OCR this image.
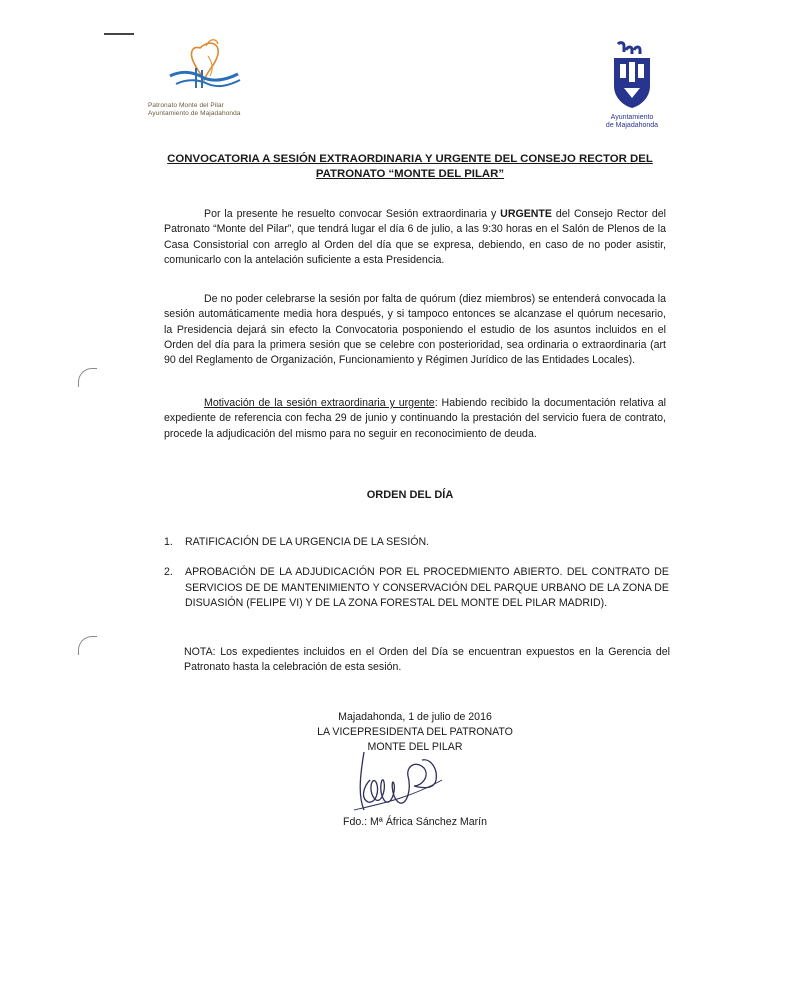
Patronato Monte del Pilar
Ayuntamiento de Majadahonda
Ayuntamiento
de Majadahonda
CONVOCATORIA A SESIÓN EXTRAORDINARIA Y URGENTE DEL CONSEJO RECTOR DEL
PATRONATO “MONTE DEL PILAR”
Por la presente he resuelto convocar Sesión extraordinaria y URGENTE del Consejo Rector del Patronato “Monte del Pilar”, que tendrá lugar el día 6 de julio, a las 9:30 horas en el Salón de Plenos de la Casa Consistorial con arreglo al Orden del día que se expresa, debiendo, en caso de no poder asistir, comunicarlo con la antelación suficiente a esta Presidencia.
De no poder celebrarse la sesión por falta de quórum (diez miembros) se entenderá convocada la sesión automáticamente media hora después, y si tampoco entonces se alcanzase el quórum necesario, la Presidencia dejará sin efecto la Convocatoria posponiendo el estudio de los asuntos incluidos en el Orden del día para la primera sesión que se celebre con posterioridad, sea ordinaria o extraordinaria (art 90 del Reglamento de Organización, Funcionamiento y Régimen Jurídico de las Entidades Locales).
Motivación de la sesión extraordinaria y urgente: Habiendo recibido la documentación relativa al expediente de referencia con fecha 29 de junio y continuando la prestación del servicio fuera de contrato, procede la adjudicación del mismo para no seguir en reconocimiento de deuda.
ORDEN DEL DÍA
1. RATIFICACIÓN DE LA URGENCIA DE LA SESIÓN.
2. APROBACIÓN DE LA ADJUDICACIÓN POR EL PROCEDMIENTO ABIERTO. DEL CONTRATO DE SERVICIOS DE DE MANTENIMIENTO Y CONSERVACIÓN DEL PARQUE URBANO DE LA ZONA DE DISUASIÓN (FELIPE VI) Y DE LA ZONA FORESTAL DEL MONTE DEL PILAR MADRID).
NOTA: Los expedientes incluidos en el Orden del Día se encuentran expuestos en la Gerencia del Patronato hasta la celebración de esta sesión.
Majadahonda, 1 de julio de 2016
LA VICEPRESIDENTA DEL PATRONATO
MONTE DEL PILAR
Fdo.: Mª África Sánchez Marín
